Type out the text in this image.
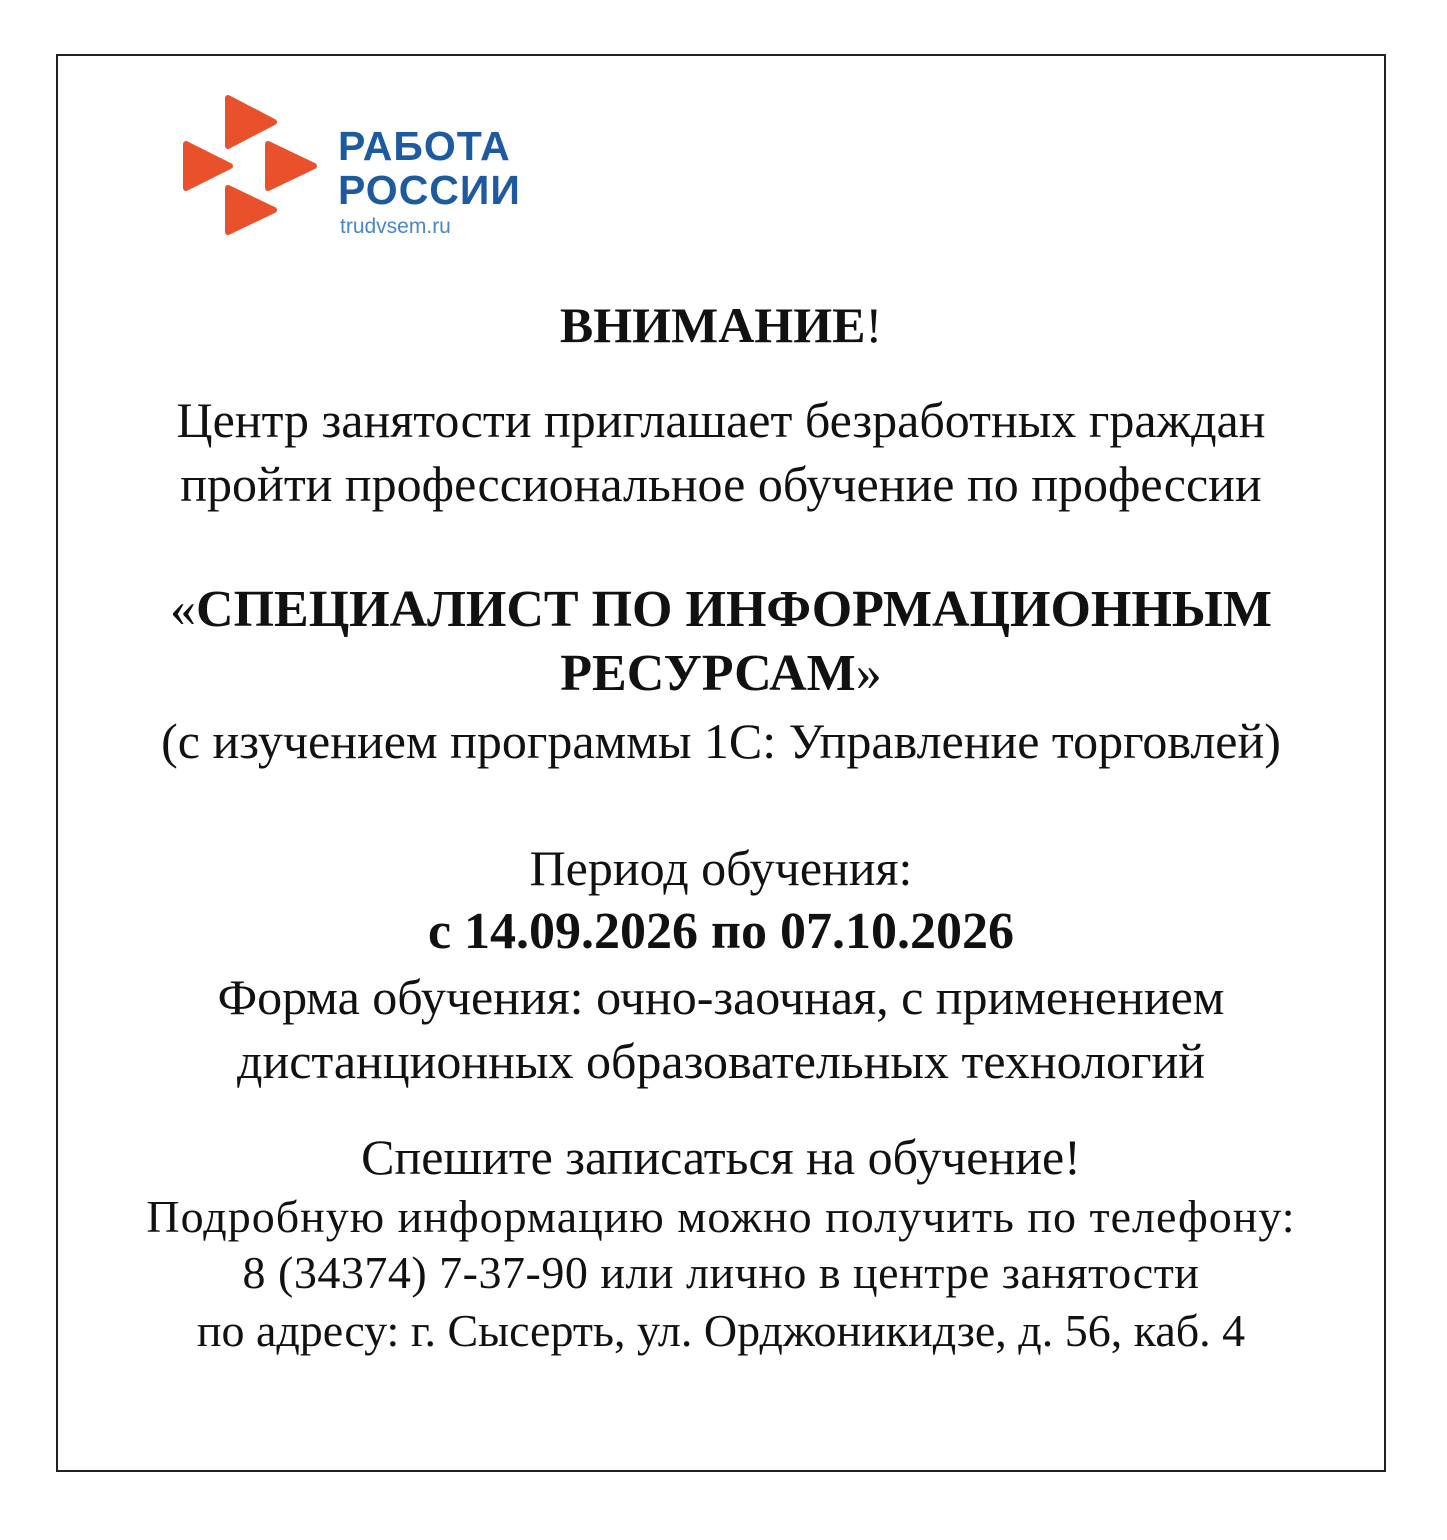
РАБОТА
РОССИИ
trudvsem.ru
ВНИМАНИЕ!
Центр занятости приглашает безработных граждан
пройти профессиональное обучение по профессии
«СПЕЦИАЛИСТ ПО ИНФОРМАЦИОННЫМ
РЕСУРСАМ»
(с изучением программы 1С: Управление торговлей)
Период обучения:
с 14.09.2026 по 07.10.2026
Форма обучения: очно-заочная, с применением
дистанционных образовательных технологий
Спешите записаться на обучение!
Подробную информацию можно получить по телефону:
8 (34374) 7-37-90 или лично в центре занятости
по адресу: г. Сысерть, ул. Орджоникидзе, д. 56, каб. 4
